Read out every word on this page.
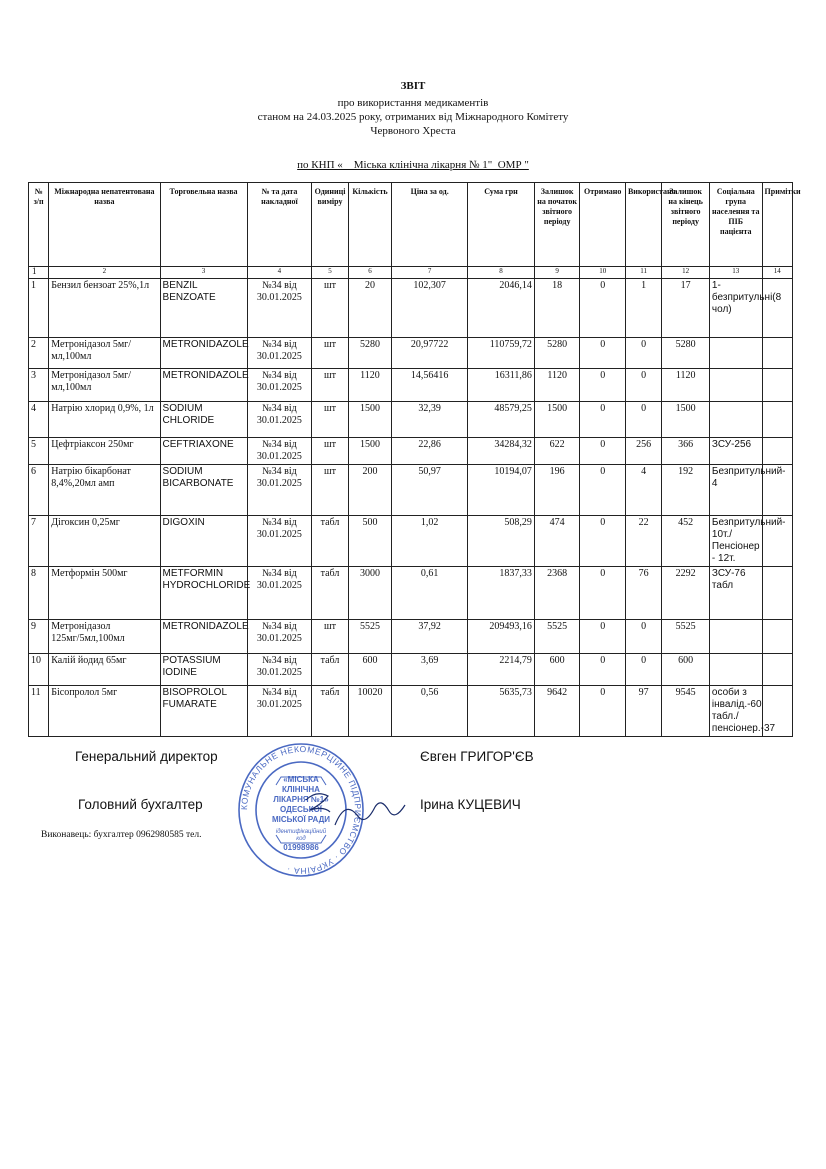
ЗВІТ
про використання медикаментів
станом на 24.03.2025 року, отриманих від Міжнародного Комітету
Червоного Хреста
по КНП «__Міська клінічна лікарня № 1"_ОМР "
№ з/п	Міжнародна непатентована назва	Торговельна назва	№ та дата накладної	Одиниці виміру	Кількість	Ціна за од.	Сума грн	Залишок на початок звітного періоду	Отримано	Використано	Залишок на кінець звітного періоду	Соціальна група населення та ПІБ пацієнта	Примітки
1	2	3	4	5	6	7	8	9	10	11	12	13	14
1	Бензил бензоат 25%,1л	BENZIL BENZOATE	№34 від 30.01.2025	шт	20	102,307	2046,14	18	0	1	17	1-безпритульні(8 чол)	
2	Метронідазол 5мг/мл,100мл	METRONIDAZOLE	№34 від 30.01.2025	шт	5280	20,97722	110759,72	5280	0	0	5280		
3	Метронідазол 5мг/мл,100мл	METRONIDAZOLE	№34 від 30.01.2025	шт	1120	14,56416	16311,86	1120	0	0	1120		
4	Натрію хлорид 0,9%, 1л	SODIUM CHLORIDE	№34 від 30.01.2025	шт	1500	32,39	48579,25	1500	0	0	1500		
5	Цефтріаксон 250мг	CEFTRIAXONE	№34 від 30.01.2025	шт	1500	22,86	34284,32	622	0	256	366	ЗСУ-256	
6	Натрію бікарбонат 8,4%,20мл амп	SODIUM BICARBONATE	№34 від 30.01.2025	шт	200	50,97	10194,07	196	0	4	192	Безпритульний- 4	
7	Дігоксин 0,25мг	DIGOXIN	№34 від 30.01.2025	табл	500	1,02	508,29	474	0	22	452	Безпритульний- 10т./Пенсіонер - 12т.	
8	Метформін 500мг	METFORMIN HYDROCHLORIDE	№34 від 30.01.2025	табл	3000	0,61	1837,33	2368	0	76	2292	ЗСУ-76 табл	
9	Метронідазол 125мг/5мл,100мл	METRONIDAZOLE	№34 від 30.01.2025	шт	5525	37,92	209493,16	5525	0	0	5525		
10	Калій йодид 65мг	POTASSIUM IODINE	№34 від 30.01.2025	табл	600	3,69	2214,79	600	0	0	600		
11	Бісопролол 5мг	BISOPROLOL FUMARATE	№34 від 30.01.2025	табл	10020	0,56	5635,73	9642	0	97	9545	особи з інвалід.-60 табл./ пенсіонер.-37	
Генеральний директор	Євген ГРИГОР'ЄВ
Головний бухгалтер	Ірина КУЦЕВИЧ
Виконавець: бухгалтер 0962980585 тел.
КОМУНАЛЬНЕ НЕКОМЕРЦІЙНЕ ПІДПРИЄМСТВО · УКРАЇНА ·
«МІСЬКА
КЛІНІЧНА
ЛІКАРНЯ №1»
ОДЕСЬКОЇ
МІСЬКОЇ РАДИ
ідентифікаційний
код
01998986
